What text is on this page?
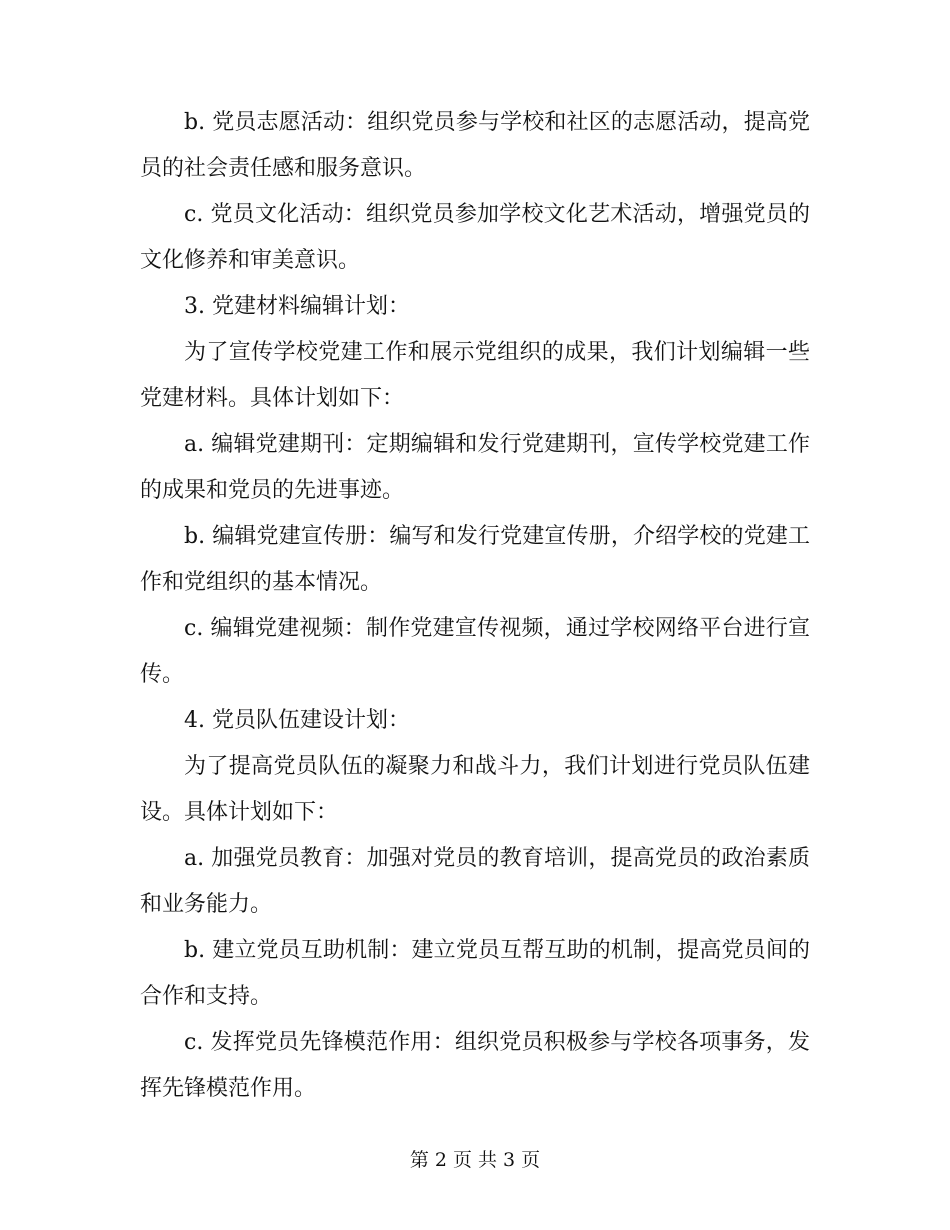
b. 党员志愿活动：组织党员参与学校和社区的志愿活动，提高党员的社会责任感和服务意识。

c. 党员文化活动：组织党员参加学校文化艺术活动，增强党员的文化修养和审美意识。

3. 党建材料编辑计划：

为了宣传学校党建工作和展示党组织的成果，我们计划编辑一些党建材料。具体计划如下：

a. 编辑党建期刊：定期编辑和发行党建期刊，宣传学校党建工作的成果和党员的先进事迹。

b. 编辑党建宣传册：编写和发行党建宣传册，介绍学校的党建工作和党组织的基本情况。

c. 编辑党建视频：制作党建宣传视频，通过学校网络平台进行宣传。

4. 党员队伍建设计划：

为了提高党员队伍的凝聚力和战斗力，我们计划进行党员队伍建设。具体计划如下：

a. 加强党员教育：加强对党员的教育培训，提高党员的政治素质和业务能力。

b. 建立党员互助机制：建立党员互帮互助的机制，提高党员间的合作和支持。

c. 发挥党员先锋模范作用：组织党员积极参与学校各项事务，发挥先锋模范作用。

第 2 页 共 3 页
